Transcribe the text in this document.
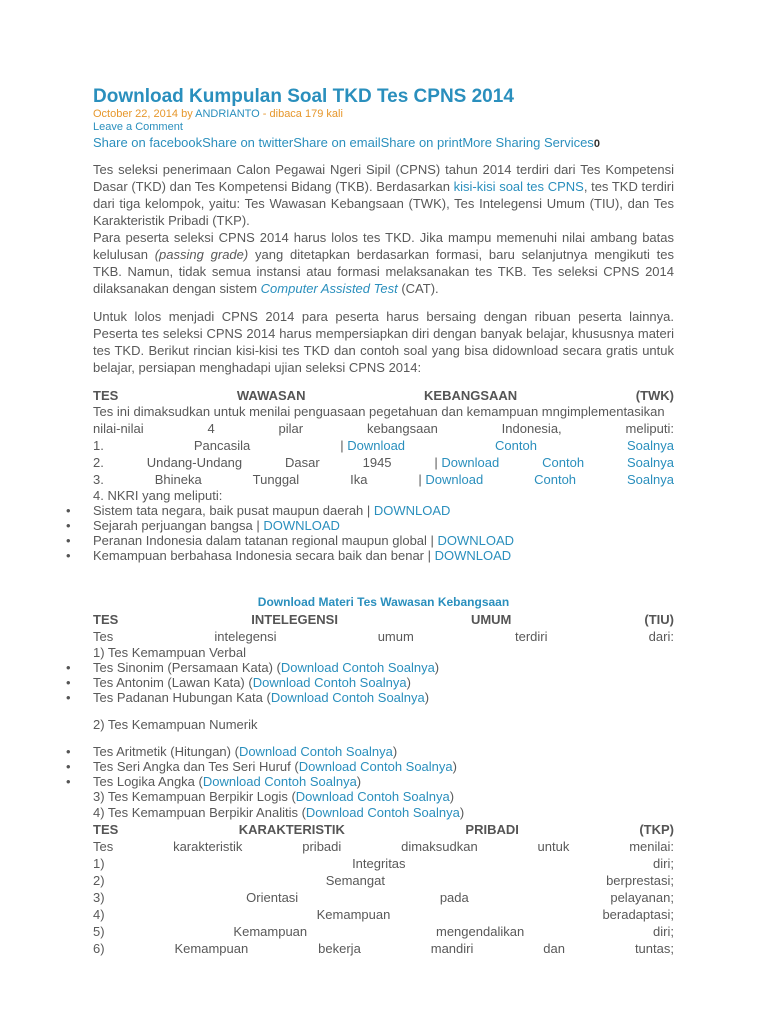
Download Kumpulan Soal TKD Tes CPNS 2014
October 22, 2014 by ANDRIANTO - dibaca 179 kali
Leave a Comment
Share on facebookShare on twitterShare on emailShare on printMore Sharing Services0

Tes seleksi penerimaan Calon Pegawai Ngeri Sipil (CPNS) tahun 2014 terdiri dari Tes Kompetensi Dasar (TKD) dan Tes Kompetensi Bidang (TKB). Berdasarkan kisi-kisi soal tes CPNS, tes TKD terdiri dari tiga kelompok, yaitu: Tes Wawasan Kebangsaan (TWK), Tes Intelegensi Umum (TIU), dan Tes Karakteristik Pribadi (TKP).

Para peserta seleksi CPNS 2014 harus lolos tes TKD. Jika mampu memenuhi nilai ambang batas kelulusan (passing grade) yang ditetapkan berdasarkan formasi, baru selanjutnya mengikuti tes TKB. Namun, tidak semua instansi atau formasi melaksanakan tes TKB. Tes seleksi CPNS 2014 dilaksanakan dengan sistem Computer Assisted Test (CAT).

Untuk lolos menjadi CPNS 2014 para peserta harus bersaing dengan ribuan peserta lainnya. Peserta tes seleksi CPNS 2014 harus mempersiapkan diri dengan banyak belajar, khususnya materi tes TKD. Berikut rincian kisi-kisi tes TKD dan contoh soal yang bisa didownload secara gratis untuk belajar, persiapan menghadapi ujian seleksi CPNS 2014:

TES	WAWASAN	KEBANGSAAN	(TWK)
Tes ini dimaksudkan untuk menilai penguasaan pegetahuan dan kemampuan mngimplementasikan
nilai-nilai	4	pilar	kebangsaan	Indonesia,	meliputi:
1.	Pancasila	| Download	Contoh	Soalnya
2.	Undang-Undang	Dasar	1945	| Download	Contoh	Soalnya
3.	Bhineka	Tunggal	Ika	| Download	Contoh	Soalnya
4. NKRI yang meliputi:
• Sistem tata negara, baik pusat maupun daerah | DOWNLOAD
• Sejarah perjuangan bangsa | DOWNLOAD
• Peranan Indonesia dalam tatanan regional maupun global | DOWNLOAD
• Kemampuan berbahasa Indonesia secara baik dan benar | DOWNLOAD
Download Materi Tes Wawasan Kebangsaan
TES	INTELEGENSI	UMUM	(TIU)
Tes	intelegensi	umum	terdiri	dari:
1) Tes Kemampuan Verbal
• Tes Sinonim (Persamaan Kata) (Download Contoh Soalnya)
• Tes Antonim (Lawan Kata) (Download Contoh Soalnya)
• Tes Padanan Hubungan Kata (Download Contoh Soalnya)
2) Tes Kemampuan Numerik
• Tes Aritmetik (Hitungan) (Download Contoh Soalnya)
• Tes Seri Angka dan Tes Seri Huruf (Download Contoh Soalnya)
• Tes Logika Angka (Download Contoh Soalnya)
3) Tes Kemampuan Berpikir Logis (Download Contoh Soalnya)
4) Tes Kemampuan Berpikir Analitis (Download Contoh Soalnya)
TES	KARAKTERISTIK	PRIBADI	(TKP)
Tes	karakteristik	pribadi	dimaksudkan	untuk	menilai:
1)	Integritas	diri;
2)	Semangat	berprestasi;
3)	Orientasi	pada	pelayanan;
4)	Kemampuan	beradaptasi;
5)	Kemampuan	mengendalikan	diri;
6)	Kemampuan	bekerja	mandiri	dan	tuntas;
